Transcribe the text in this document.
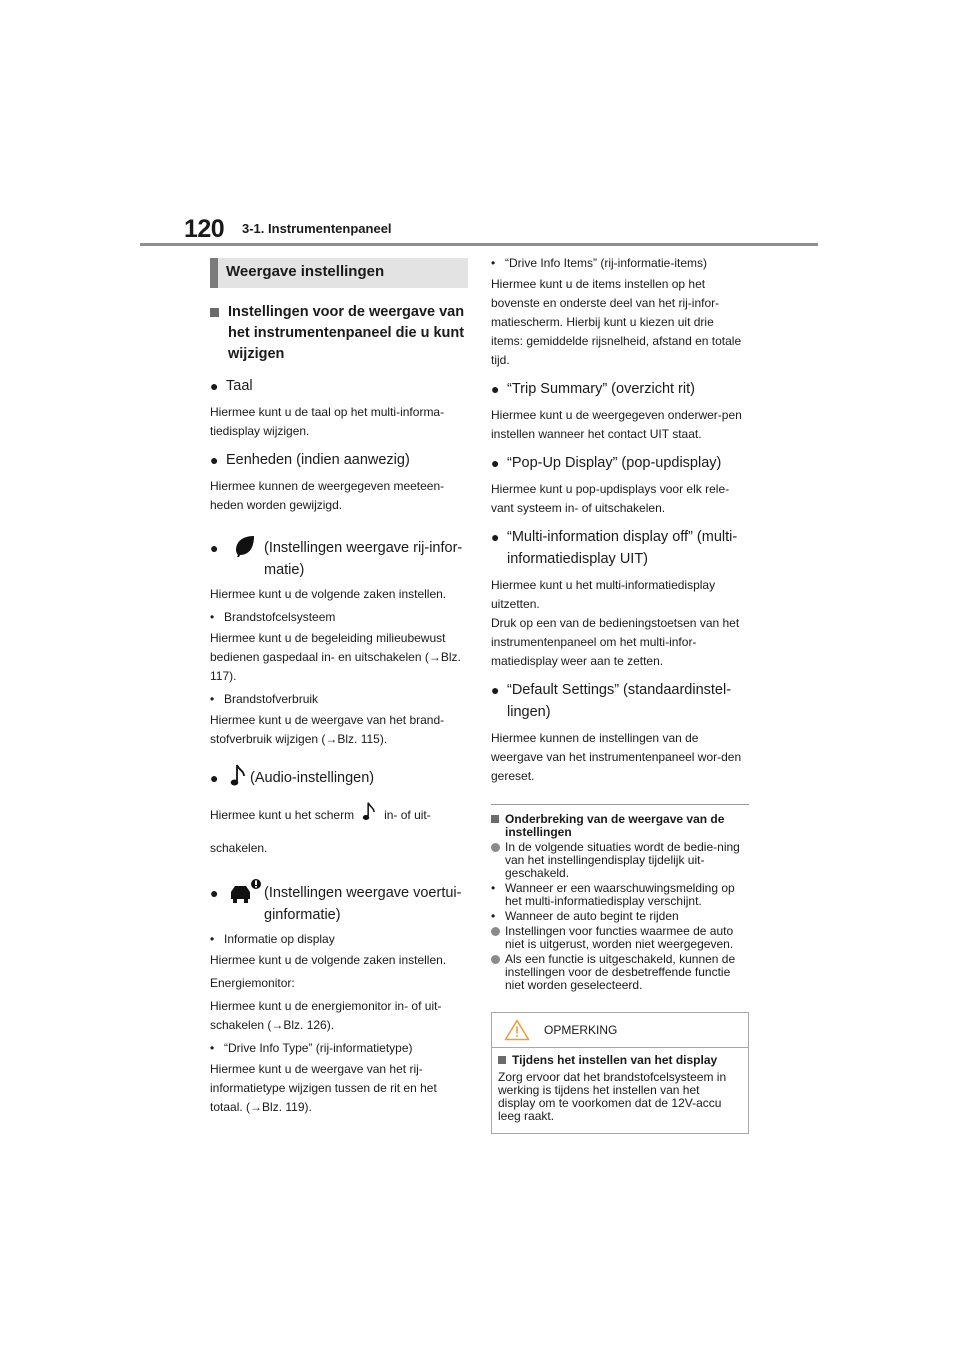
120 3-1. Instrumentenpaneel
Weergave instellingen
Instellingen voor de weergave van het instrumentenpaneel die u kunt wijzigen
● Taal

Hiermee kunt u de taal op het multi-informa-tiedisplay wijzigen.

● Eenheden (indien aanwezig)

Hiermee kunnen de weergegeven meeteen-heden worden gewijzigd.

●	(Instellingen weergave rij-infor-matie)

Hiermee kunt u de volgende zaken instellen.

• Brandstofcelsysteem

Hiermee kunt u de begeleiding milieubewust bedienen gaspedaal in- en uitschakelen (→Blz. 117).

• Brandstofverbruik

Hiermee kunt u de weergave van het brand-stofverbruik wijzigen (→Blz. 115).

●	(Audio-instellingen)
Hiermee kunt u het scherm	in- of uit-

schakelen.

●	(Instellingen weergave voertui-ginformatie)
• Informatie op display

Hiermee kunt u de volgende zaken instellen.

Energiemonitor:

Hiermee kunt u de energiemonitor in- of uit-schakelen (→Blz. 126).

• “Drive Info Type” (rij-informatietype)

Hiermee kunt u de weergave van het rij-informatietype wijzigen tussen de rit en het totaal. (→Blz. 119).

• “Drive Info Items” (rij-informatie-items)

Hiermee kunt u de items instellen op het bovenste en onderste deel van het rij-infor-matiescherm. Hierbij kunt u kiezen uit drie items: gemiddelde rijsnelheid, afstand en totale tijd.

● “Trip Summary” (overzicht rit)

Hiermee kunt u de weergegeven onderwer-pen instellen wanneer het contact UIT staat.

● “Pop-Up Display” (pop-updisplay)

Hiermee kunt u pop-updisplays voor elk rele-vant systeem in- of uitschakelen.

● “Multi-information display off” (multi-informatiedisplay UIT)

Hiermee kunt u het multi-informatiedisplay uitzetten.

Druk op een van de bedieningstoetsen van het instrumentenpaneel om het multi-infor-matiedisplay weer aan te zetten.

● “Default Settings” (standaardinstel-lingen)

Hiermee kunnen de instellingen van de weergave van het instrumentenpaneel wor-den gereset.

Onderbreking van de weergave van de instellingen
In de volgende situaties wordt de bedie-ning van het instellingendisplay tijdelijk uit-geschakeld.
• Wanneer er een waarschuwingsmelding op het multi-informatiedisplay verschijnt.
• Wanneer de auto begint te rijden
Instellingen voor functies waarmee de auto niet is uitgerust, worden niet weergegeven.
Als een functie is uitgeschakeld, kunnen de instellingen voor de desbetreffende functie niet worden geselecteerd.
OPMERKING
Tijdens het instellen van het display

Zorg ervoor dat het brandstofcelsysteem in werking is tijdens het instellen van het display om te voorkomen dat de 12V-accu leeg raakt.
